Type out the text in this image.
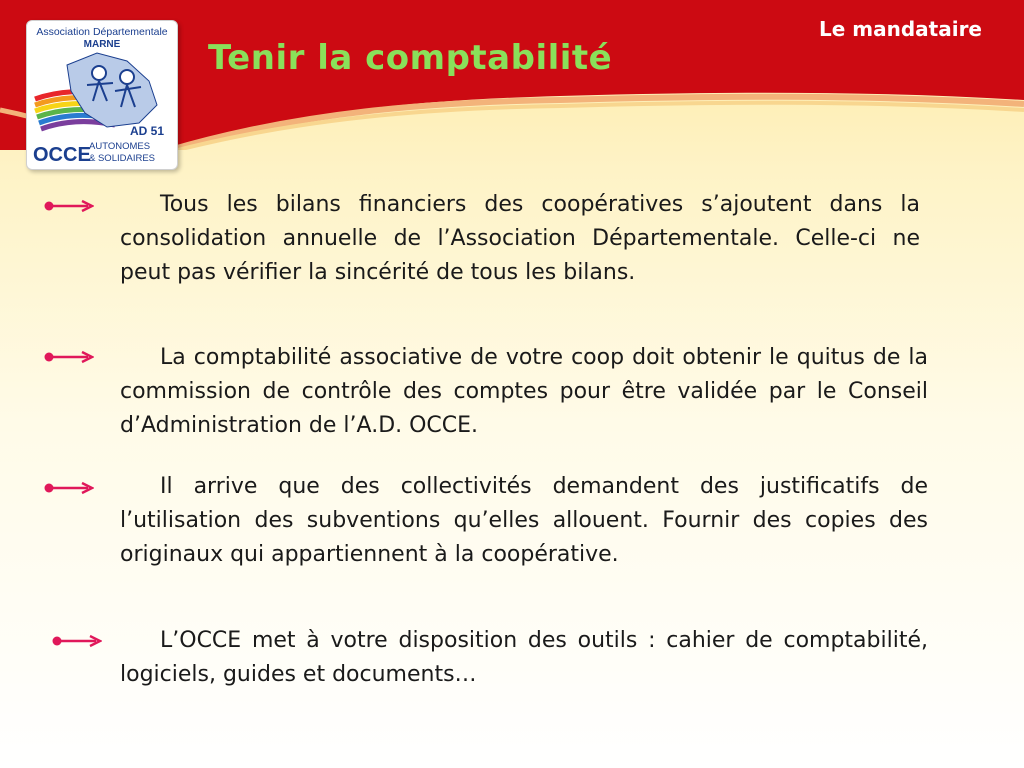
Association Départementale
MARNE
AD 51
OCCE
AUTONOMES
& SOLIDAIRES
Tenir la comptabilité
Le mandataire

Tous les bilans financiers des coopératives s’ajoutent dans la consolidation annuelle de l’Association Départementale. Celle-ci ne peut pas vérifier la sincérité de tous les bilans.

La comptabilité associative de votre coop doit obtenir le quitus de la commission de contrôle des comptes pour être validée par le Conseil d’Administration de l’A.D. OCCE.

Il arrive que des collectivités demandent des justificatifs de l’utilisation des subventions qu’elles allouent. Fournir des copies des originaux qui appartiennent à la coopérative.

L’OCCE met à votre disposition des outils : cahier de comptabilité, logiciels, guides et documents…
